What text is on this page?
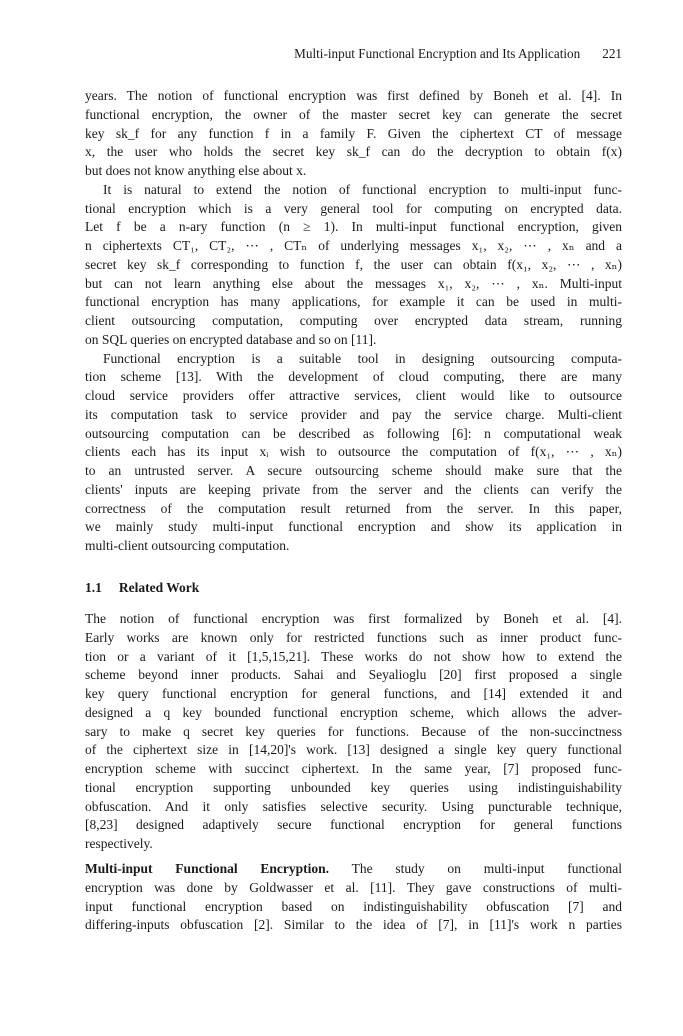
Multi-input Functional Encryption and Its Application 221

years. The notion of functional encryption was first defined by Boneh et al. [4]. In
functional encryption, the owner of the master secret key can generate the secret
key sk_f for any function f in a family F. Given the ciphertext CT of message
x, the user who holds the secret key sk_f can do the decryption to obtain f(x)
but does not know anything else about x.

It is natural to extend the notion of functional encryption to multi-input func-
tional encryption which is a very general tool for computing on encrypted data.
Let f be a n-ary function (n ≥ 1). In multi-input functional encryption, given
n ciphertexts CT₁, CT₂, ⋯ , CTₙ of underlying messages x₁, x₂, ⋯ , xₙ and a
secret key sk_f corresponding to function f, the user can obtain f(x₁, x₂, ⋯ , xₙ)
but can not learn anything else about the messages x₁, x₂, ⋯ , xₙ. Multi-input
functional encryption has many applications, for example it can be used in multi-
client outsourcing computation, computing over encrypted data stream, running
on SQL queries on encrypted database and so on [11].

Functional encryption is a suitable tool in designing outsourcing computa-
tion scheme [13]. With the development of cloud computing, there are many
cloud service providers offer attractive services, client would like to outsource
its computation task to service provider and pay the service charge. Multi-client
outsourcing computation can be described as following [6]: n computational weak
clients each has its input xᵢ wish to outsource the computation of f(x₁, ⋯ , xₙ)
to an untrusted server. A secure outsourcing scheme should make sure that the
clients' inputs are keeping private from the server and the clients can verify the
correctness of the computation result returned from the server. In this paper,
we mainly study multi-input functional encryption and show its application in
multi-client outsourcing computation.

1.1 Related Work

The notion of functional encryption was first formalized by Boneh et al. [4].
Early works are known only for restricted functions such as inner product func-
tion or a variant of it [1,5,15,21]. These works do not show how to extend the
scheme beyond inner products. Sahai and Seyalioglu [20] first proposed a single
key query functional encryption for general functions, and [14] extended it and
designed a q key bounded functional encryption scheme, which allows the adver-
sary to make q secret key queries for functions. Because of the non-succinctness
of the ciphertext size in [14,20]'s work. [13] designed a single key query functional
encryption scheme with succinct ciphertext. In the same year, [7] proposed func-
tional encryption supporting unbounded key queries using indistinguishability
obfuscation. And it only satisfies selective security. Using puncturable technique,
[8,23] designed adaptively secure functional encryption for general functions
respectively.

Multi-input Functional Encryption. The study on multi-input functional
encryption was done by Goldwasser et al. [11]. They gave constructions of multi-
input functional encryption based on indistinguishability obfuscation [7] and
differing-inputs obfuscation [2]. Similar to the idea of [7], in [11]'s work n parties
